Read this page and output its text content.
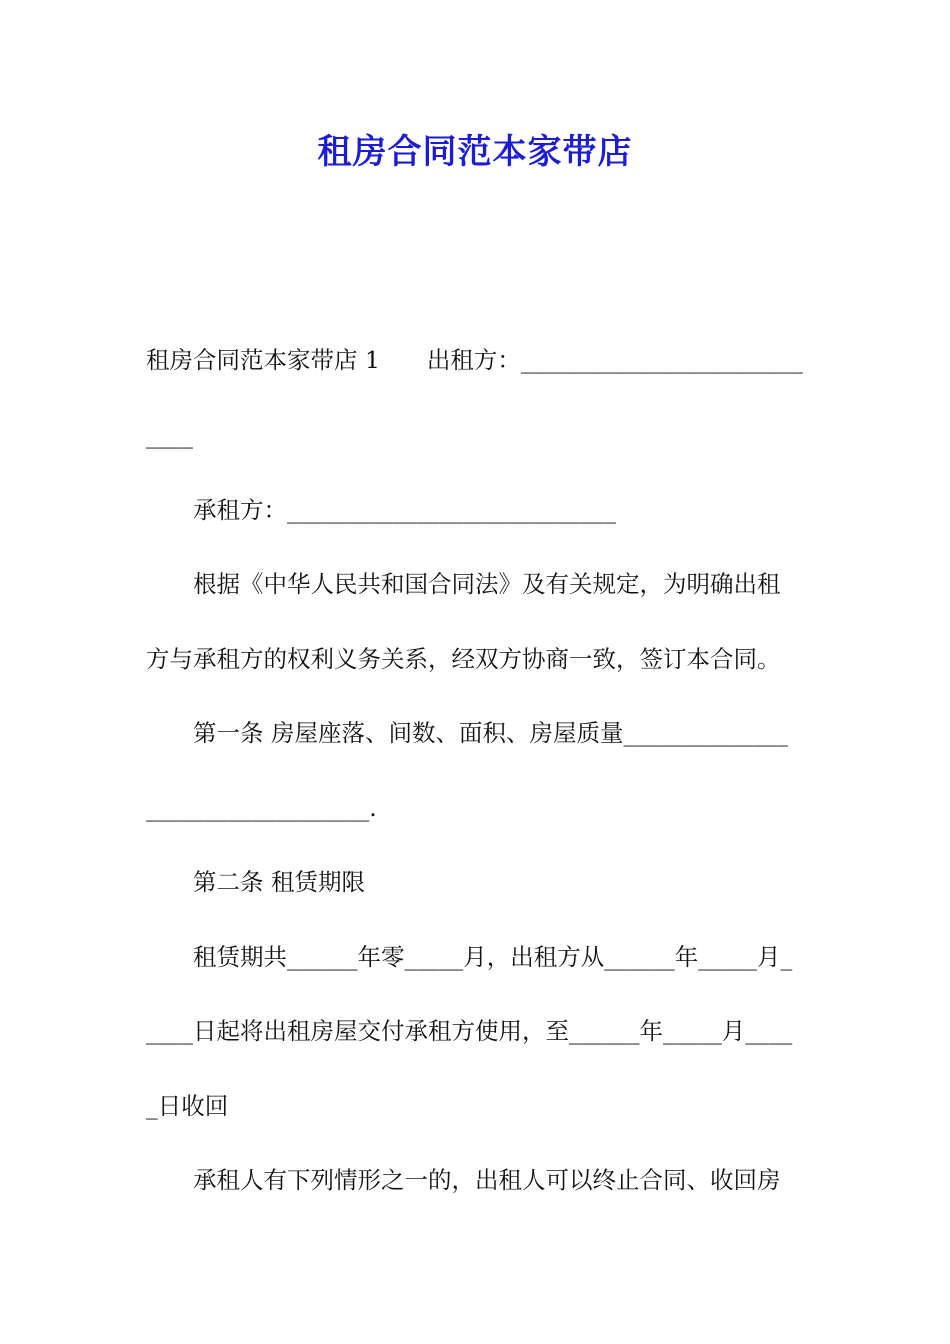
租房合同范本家带店
租房合同范本家带店 1　　出租方：________________________
____
承租方：____________________________
根据《中华人民共和国合同法》及有关规定，为明确出租
方与承租方的权利义务关系，经双方协商一致，签订本合同。
第一条 房屋座落、间数、面积、房屋质量______________
___________________.
第二条 租赁期限
租赁期共______年零_____月，出租方从______年_____月_
____日起将出租房屋交付承租方使用，至______年_____月____
_日收回
承租人有下列情形之一的，出租人可以终止合同、收回房
